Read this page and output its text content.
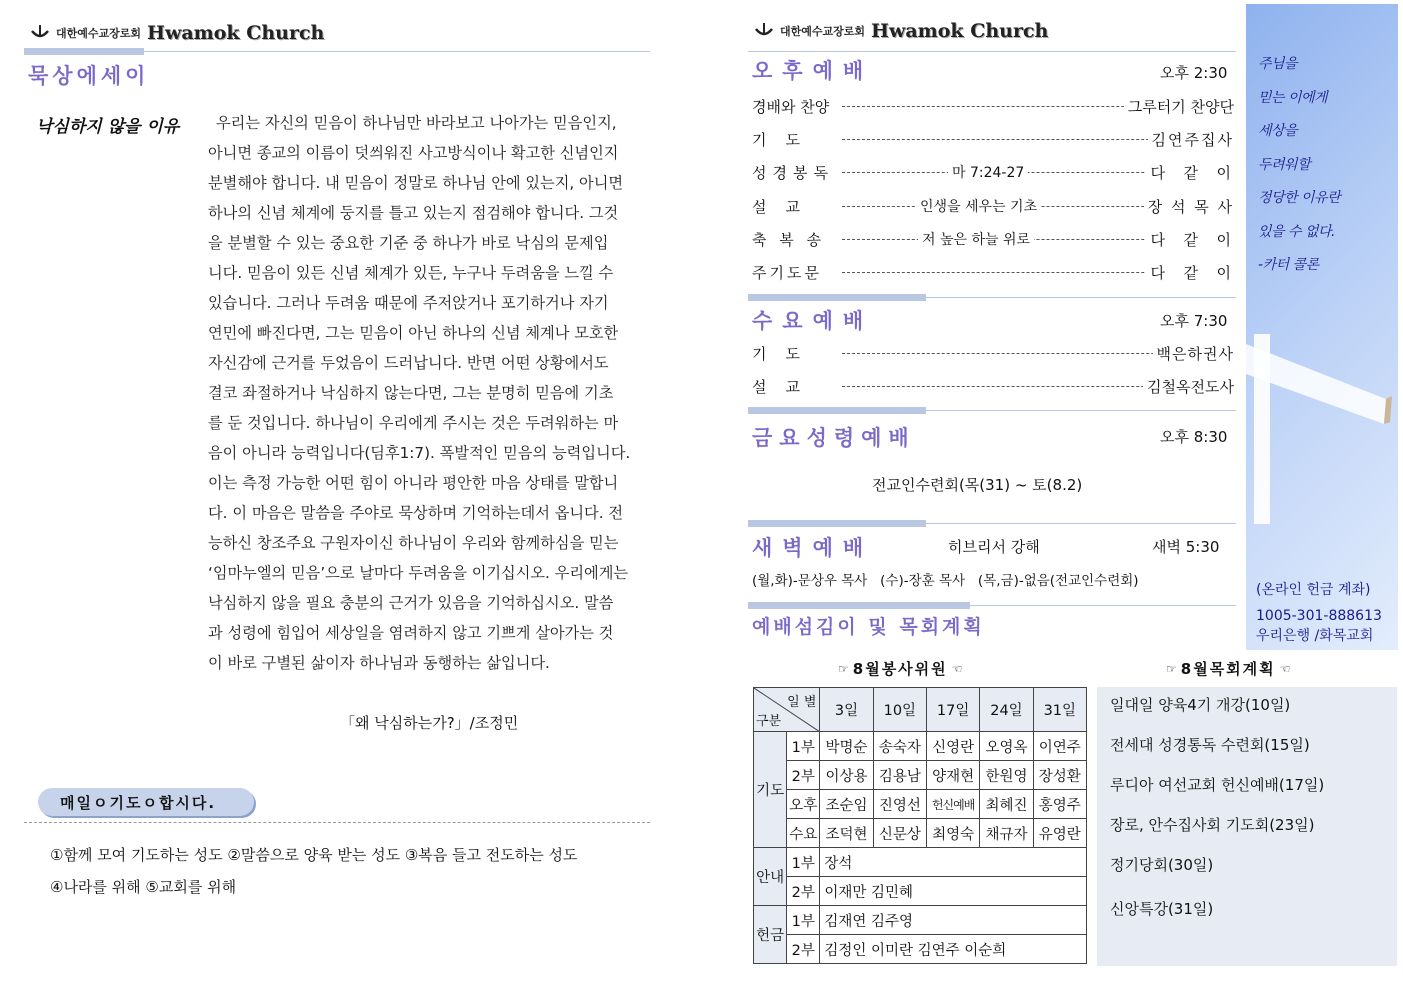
대한예수교장로회 Hwamok Church
묵상에세이
낙심하지 않을 이유	우리는 자신의 믿음이 하나님만 바라보고 나아가는 믿음인지,
아니면 종교의 이름이 덧씌워진 사고방식이나 확고한 신념인지
분별해야 합니다. 내 믿음이 정말로 하나님 안에 있는지, 아니면
하나의 신념 체계에 둥지를 틀고 있는지 점검해야 합니다. 그것
을 분별할 수 있는 중요한 기준 중 하나가 바로 낙심의 문제입
니다. 믿음이 있든 신념 체계가 있든, 누구나 두려움을 느낄 수
있습니다. 그러나 두려움 때문에 주저앉거나 포기하거나 자기
연민에 빠진다면, 그는 믿음이 아닌 하나의 신념 체계나 모호한
자신감에 근거를 두었음이 드러납니다. 반면 어떤 상황에서도
결코 좌절하거나 낙심하지 않는다면, 그는 분명히 믿음에 기초
를 둔 것입니다. 하나님이 우리에게 주시는 것은 두려워하는 마
음이 아니라 능력입니다(딤후1:7). 폭발적인 믿음의 능력입니다.
이는 측정 가능한 어떤 힘이 아니라 평안한 마음 상태를 말합니
다. 이 마음은 말씀을 주야로 묵상하며 기억하는데서 옵니다. 전
능하신 창조주요 구원자이신 하나님이 우리와 함께하심을 믿는
‘임마누엘의 믿음’으로 날마다 두려움을 이기십시오. 우리에게는
낙심하지 않을 필요 충분의 근거가 있음을 기억하십시오. 말씀
과 성령에 힘입어 세상일을 염려하지 않고 기쁘게 살아가는 것
이 바로 구별된 삶이자 하나님과 동행하는 삶입니다.
「왜 낙심하는가?」/조정민
매일ㅇ기도ㅇ합시다.
①함께 모여 기도하는 성도 ②말씀으로 양육 받는 성도 ③복음 들고 전도하는 성도
④나라를 위해 ⑤교회를 위해
대한예수교장로회 Hwamok Church
오후예배	오후 2:30
경배와 찬양	그루터기 찬양단
기    도	김연주집사
성경봉독	마 7:24-27	다  같  이
설    교	인생을 세우는 기초	장 석 목 사
축 복 송	저 높은 하늘 위로	다  같  이
주기도문	다  같  이
수요예배	오후 7:30
기    도	백은하권사
설    교	김철옥전도사
금요성령예배	오후 8:30
전교인수련회(목(31) ~ 토(8.2)
새벽예배	히브리서 강해	새벽 5:30
(월,화)-문상우 목사   (수)-장훈 목사   (목,금)-없음(전교인수련회)
예배섬김이 및 목회계획
☞ 8월봉사위원 ☜
일 별
구분		3일	10일	17일	24일	31일
기도	1부	박명순	송숙자	신영란	오영옥	이연주
	2부	이상용	김용남	양재현	한원영	장성환
	오후	조순임	진영선	헌신예배	최혜진	홍영주
	수요	조덕현	신문상	최영숙	채규자	유영란
안내	1부	장석				
	2부	이재만 김민혜				
헌금	1부	김재연 김주영				
	2부	김정인 이미란 김연주 이순희				
☞ 8월목회계획 ☜
일대일 양육4기 개강(10일)
전세대 성경통독 수련회(15일)
루디아 여선교회 헌신예배(17일)
장로, 안수집사회 기도회(23일)
정기당회(30일)
신앙특강(31일)
주님을
믿는 이에게
세상을
두려워할
정당한 이유란
있을 수 없다.
-카터 콜론
(온라인 헌금 계좌)
1005-301-888613
우리은행 /화목교회
